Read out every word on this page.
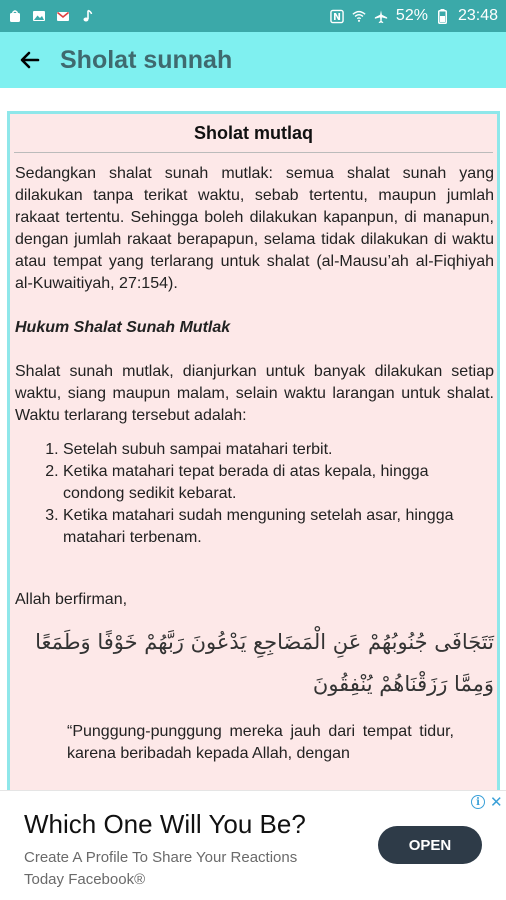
N	52% 23:48
Sholat sunnah
Sholat mutlaq

Sedangkan shalat sunah mutlak: semua shalat sunah yang dilakukan tanpa terikat waktu, sebab tertentu, maupun jumlah rakaat tertentu. Sehingga boleh dilakukan kapanpun, di manapun, dengan jumlah rakaat berapapun, selama tidak dilakukan di waktu atau tempat yang terlarang untuk shalat (al-Mausu’ah al-Fiqhiyah al-Kuwaitiyah, 27:154).

Hukum Shalat Sunah Mutlak

Shalat sunah mutlak, dianjurkan untuk banyak dilakukan setiap waktu, siang maupun malam, selain waktu larangan untuk shalat. Waktu terlarang tersebut adalah:

1. Setelah subuh sampai matahari terbit.
2. Ketika matahari tepat berada di atas kepala, hingga condong sedikit kebarat.
3. Ketika matahari sudah menguning setelah asar, hingga matahari terbenam.

Allah berfirman,

تَتَجَافَى جُنُوبُهُمْ عَنِ الْمَضَاجِعِ يَدْعُونَ رَبَّهُمْ خَوْفًا وَطَمَعًا وَمِمَّا رَزَقْنَاهُمْ يُنْفِقُونَ

“Punggung-punggung mereka jauh dari tempat tidur, karena beribadah kepada Allah, dengan

Which One Will You Be?
Create A Profile To Share Your Reactions
Today Facebook®
OPEN
i ✕
